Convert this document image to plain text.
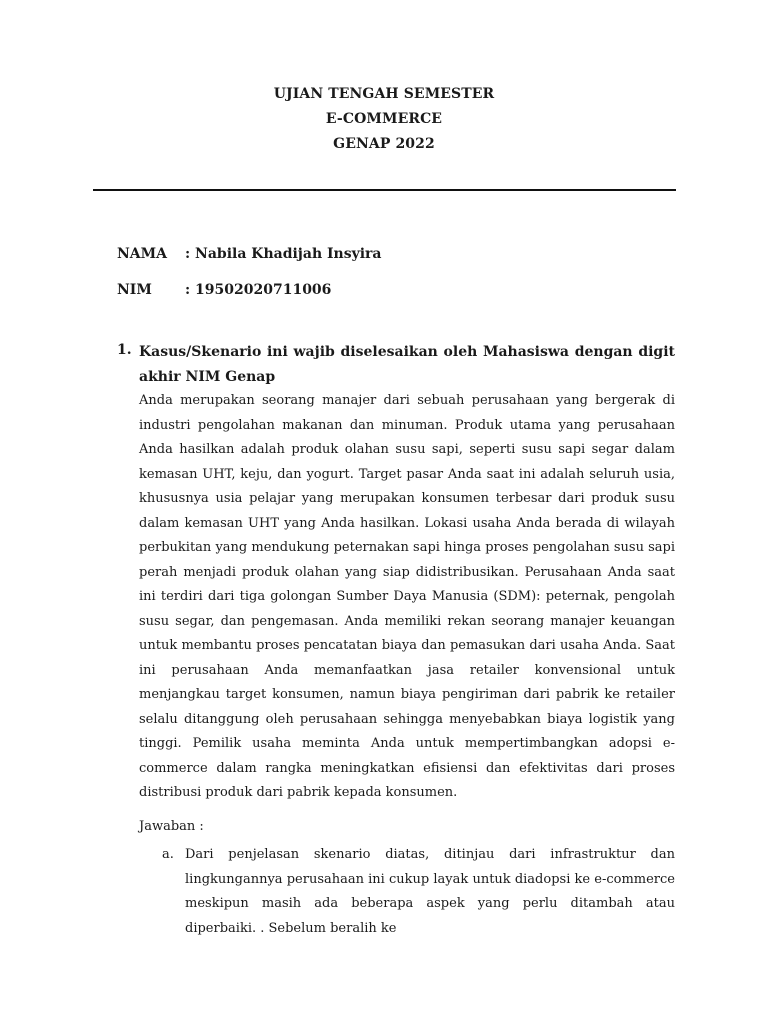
UJIAN TENGAH SEMESTER
E-COMMERCE
GENAP 2022
NAMA : Nabila Khadijah Insyira
NIM : 19502020711006
1. Kasus/Skenario ini wajib diselesaikan oleh Mahasiswa dengan digit akhir NIM Genap

Anda merupakan seorang manajer dari sebuah perusahaan yang bergerak di industri pengolahan makanan dan minuman. Produk utama yang perusahaan Anda hasilkan adalah produk olahan susu sapi, seperti susu sapi segar dalam kemasan UHT, keju, dan yogurt. Target pasar Anda saat ini adalah seluruh usia, khususnya usia pelajar yang merupakan konsumen terbesar dari produk susu dalam kemasan UHT yang Anda hasilkan. Lokasi usaha Anda berada di wilayah perbukitan yang mendukung peternakan sapi hinga proses pengolahan susu sapi perah menjadi produk olahan yang siap didistribusikan. Perusahaan Anda saat ini terdiri dari tiga golongan Sumber Daya Manusia (SDM): peternak, pengolah susu segar, dan pengemasan. Anda memiliki rekan seorang manajer keuangan untuk membantu proses pencatatan biaya dan pemasukan dari usaha Anda. Saat ini perusahaan Anda memanfaatkan jasa retailer konvensional untuk menjangkau target konsumen, namun biaya pengiriman dari pabrik ke retailer selalu ditanggung oleh perusahaan sehingga menyebabkan biaya logistik yang tinggi. Pemilik usaha meminta Anda untuk mempertimbangkan adopsi e-commerce dalam rangka meningkatkan efisiensi dan efektivitas dari proses distribusi produk dari pabrik kepada konsumen.

Jawaban :
a. Dari penjelasan skenario diatas, ditinjau dari infrastruktur dan lingkungannya perusahaan ini cukup layak untuk diadopsi ke e-commerce meskipun masih ada beberapa aspek yang perlu ditambah atau diperbaiki. . Sebelum beralih ke
